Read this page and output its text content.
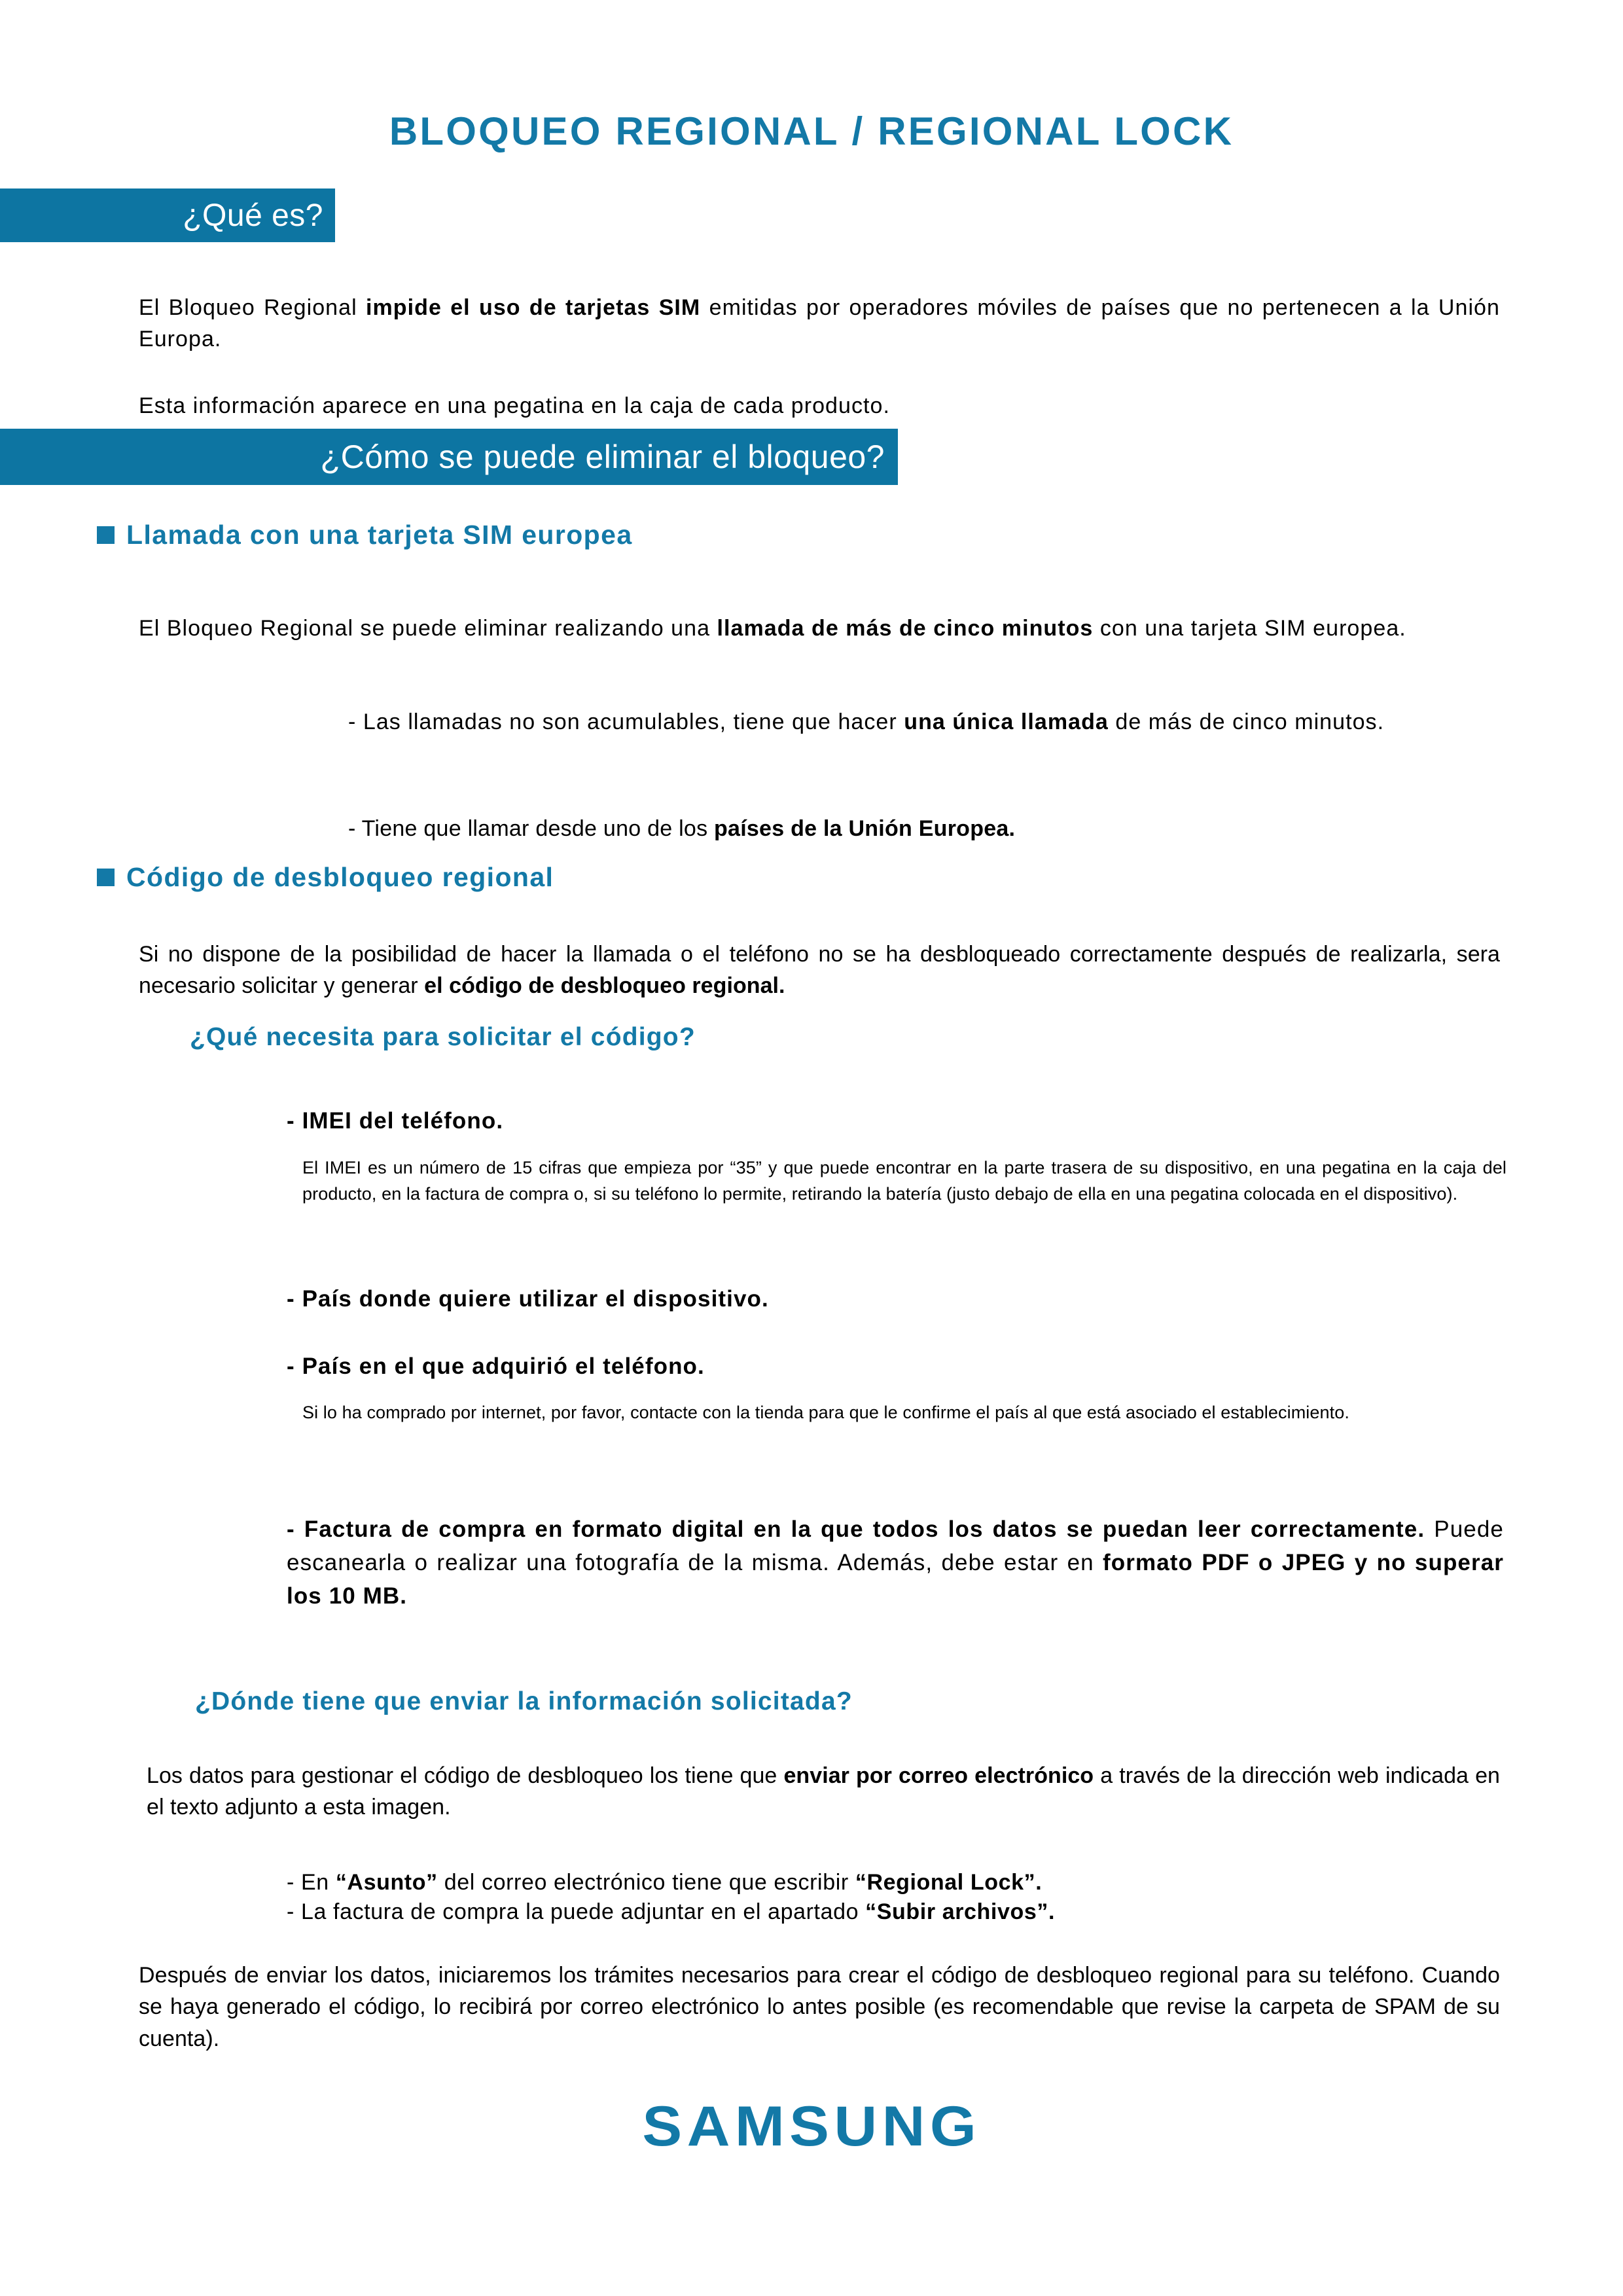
BLOQUEO REGIONAL / REGIONAL LOCK
¿Qué es?

El Bloqueo Regional impide el uso de tarjetas SIM emitidas por operadores móviles de países que no pertenecen a la Unión Europa.

Esta información aparece en una pegatina en la caja de cada producto.

¿Cómo se puede eliminar el bloqueo?
Llamada con una tarjeta SIM europea

El Bloqueo Regional se puede eliminar realizando una llamada de más de cinco minutos con una tarjeta SIM europea.

- Las llamadas no son acumulables, tiene que hacer una única llamada de más de cinco minutos.

- Tiene que llamar desde uno de los países de la Unión Europea.

Código de desbloqueo regional

Si no dispone de la posibilidad de hacer la llamada o el teléfono no se ha desbloqueado correctamente después de realizarla, sera necesario solicitar y generar el código de desbloqueo regional.

¿Qué necesita para solicitar el código?
- IMEI del teléfono.
El IMEI es un número de 15 cifras que empieza por “35” y que puede encontrar en la parte trasera de su dispositivo, en una pegatina en la caja del producto, en la factura de compra o, si su teléfono lo permite, retirando la batería (justo debajo de ella en una pegatina colocada en el dispositivo).
- País donde quiere utilizar el dispositivo.
- País en el que adquirió el teléfono.
Si lo ha comprado por internet, por favor, contacte con la tienda para que le confirme el país al que está asociado el establecimiento.
- Factura de compra en formato digital en la que todos los datos se puedan leer correctamente. Puede escanearla o realizar una fotografía de la misma. Además, debe estar en formato PDF o JPEG y no superar los 10 MB.
¿Dónde tiene que enviar la información solicitada?

Los datos para gestionar el código de desbloqueo los tiene que enviar por correo electrónico a través de la dirección web indicada en el texto adjunto a esta imagen.

- En “Asunto” del correo electrónico tiene que escribir “Regional Lock”.
- La factura de compra la puede adjuntar en el apartado “Subir archivos”.

Después de enviar los datos, iniciaremos los trámites necesarios para crear el código de desbloqueo regional para su teléfono. Cuando se haya generado el código, lo recibirá por correo electrónico lo antes posible (es recomendable que revise la carpeta de SPAM de su cuenta).

SAMSUNG
